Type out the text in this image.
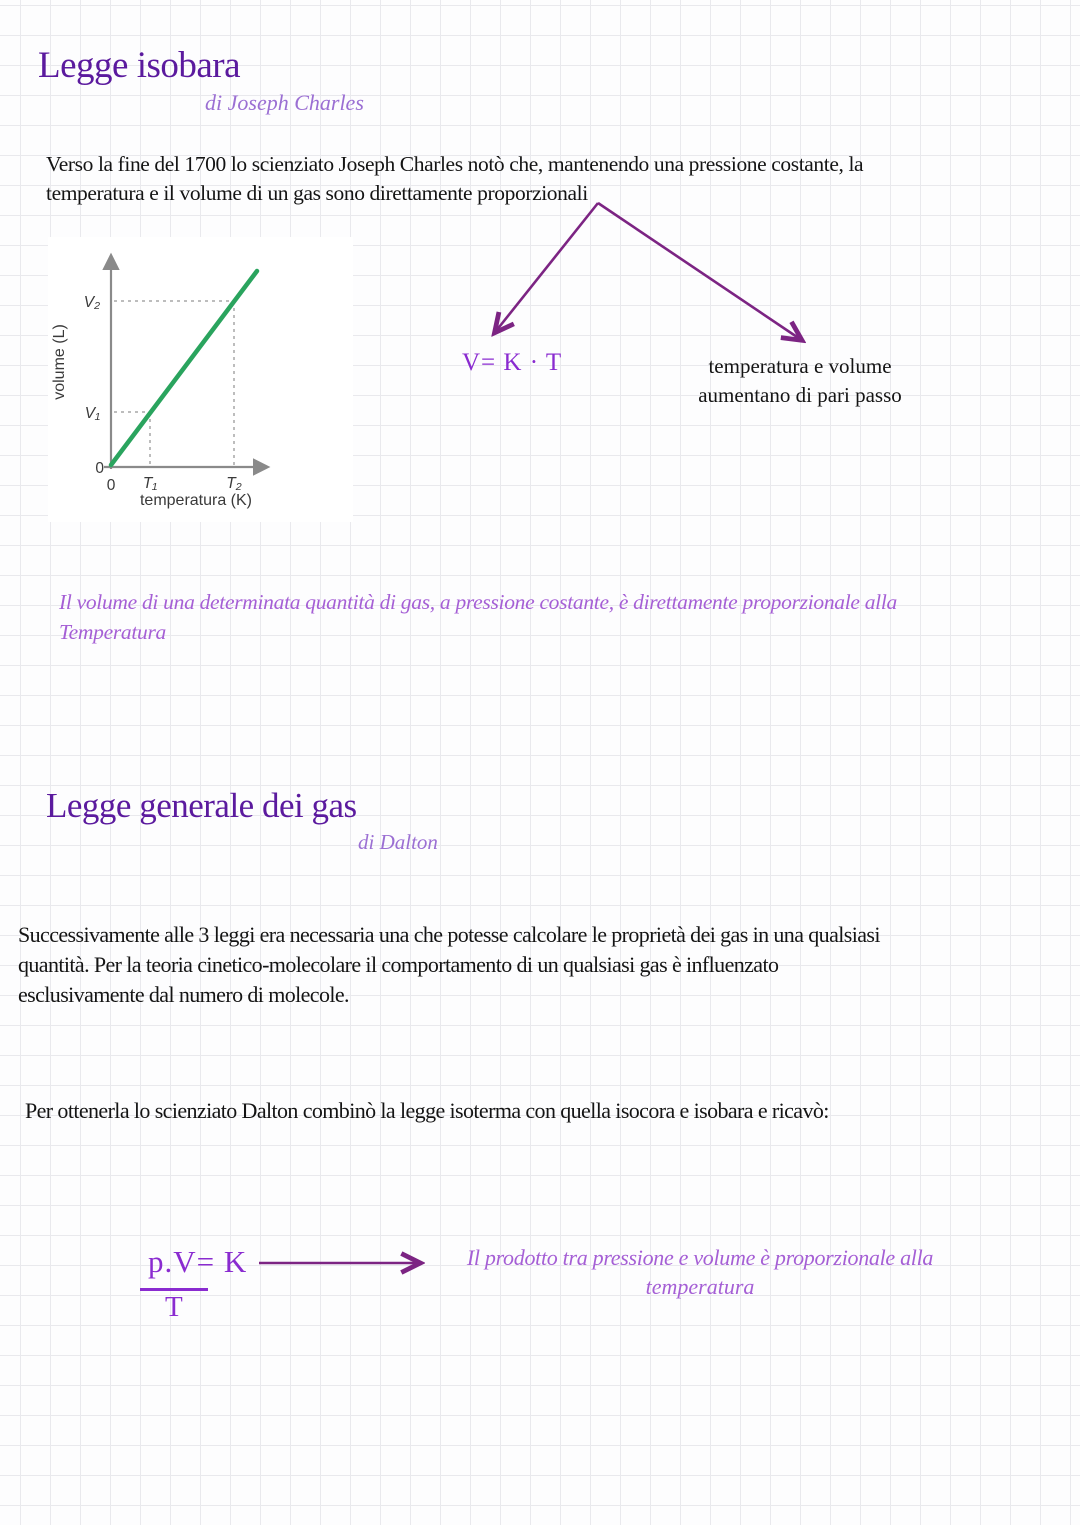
Legge isobara
di Joseph Charles
Verso la fine del 1700 lo scienziato Joseph Charles notò che, mantenendo una pressione costante, la
temperatura e il volume di un gas sono direttamente proporzionali
V₂
V₁
0
0 T₁	T₂
volume (L)
temperatura (K)
V= K · T	temperatura e volume
aumentano di pari passo
Il volume di una determinata quantità di gas, a pressione costante, è direttamente proporzionale alla
Temperatura
Legge generale dei gas
di Dalton
Successivamente alle 3 leggi era necessaria una che potesse calcolare le proprietà dei gas in una qualsiasi
quantità. Per la teoria cinetico-molecolare il comportamento di un qualsiasi gas è influenzato
esclusivamente dal numero di molecole.
Per ottenerla lo scienziato Dalton combinò la legge isoterma con quella isocora e isobara e ricavò:
p.V= K
T
Il prodotto tra pressione e volume è proporzionale alla
temperatura
